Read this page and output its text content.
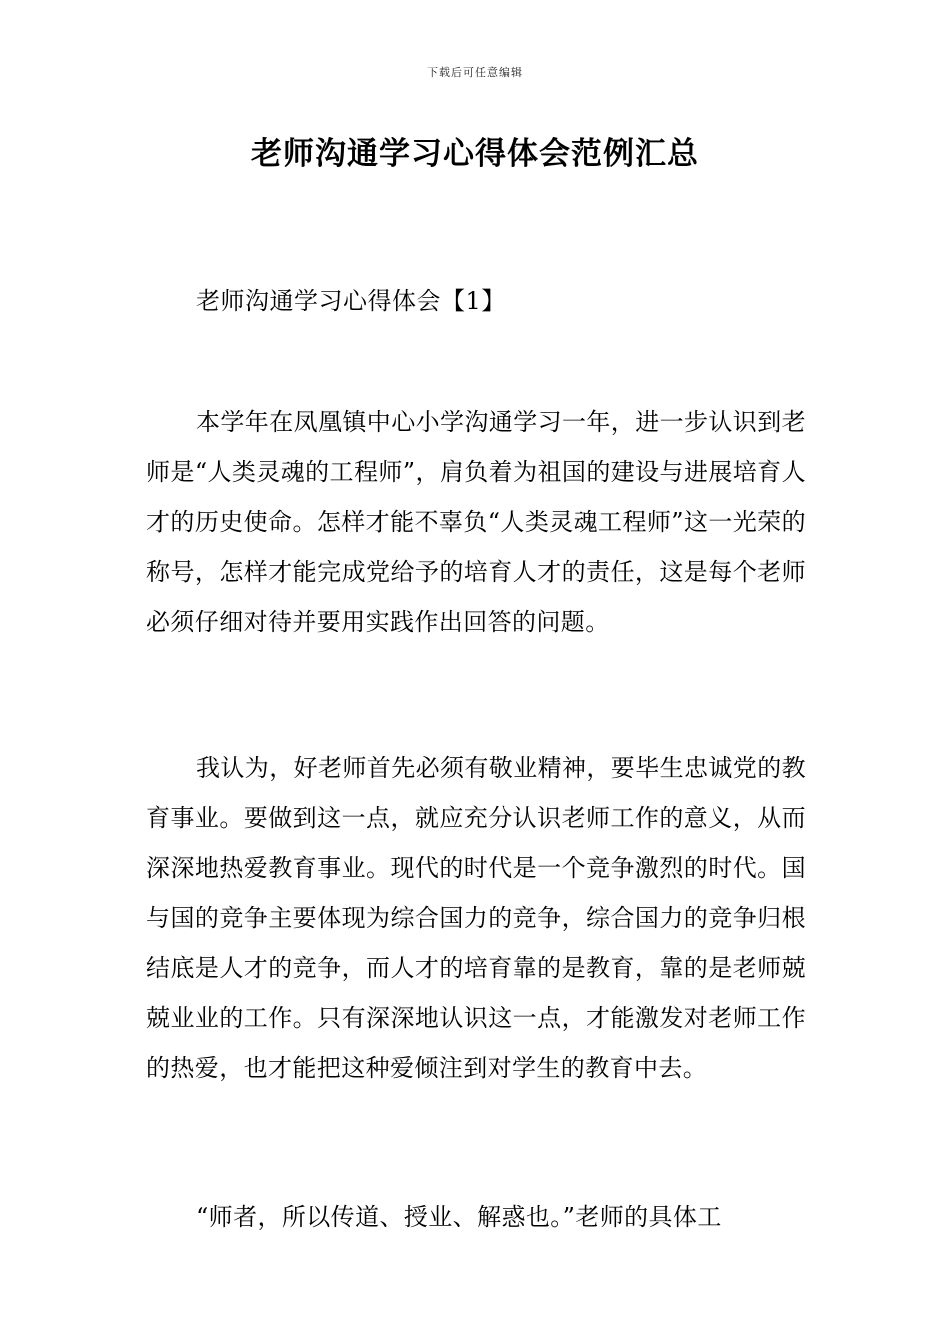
下载后可任意编辑
老师沟通学习心得体会范例汇总
老师沟通学习心得体会【1】

本学年在凤凰镇中心小学沟通学习一年，进一步认识到老师是“人类灵魂的工程师”，肩负着为祖国的建设与进展培育人才的历史使命。怎样才能不辜负“人类灵魂工程师”这一光荣的称号，怎样才能完成党给予的培育人才的责任，这是每个老师必须仔细对待并要用实践作出回答的问题。

我认为，好老师首先必须有敬业精神，要毕生忠诚党的教育事业。要做到这一点，就应充分认识老师工作的意义，从而深深地热爱教育事业。现代的时代是一个竞争激烈的时代。国与国的竞争主要体现为综合国力的竞争，综合国力的竞争归根结底是人才的竞争，而人才的培育靠的是教育，靠的是老师兢兢业业的工作。只有深深地认识这一点，才能激发对老师工作的热爱，也才能把这种爱倾注到对学生的教育中去。

“师者，所以传道、授业、解惑也。”老师的具体工
